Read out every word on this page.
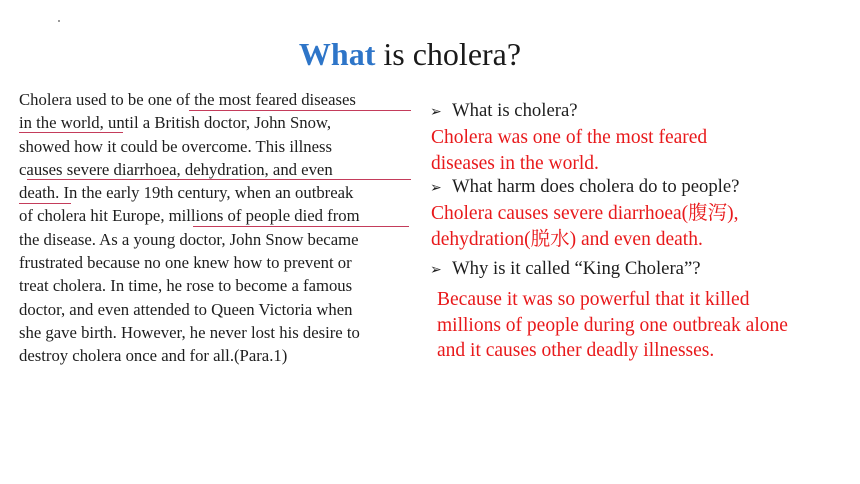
What is cholera?
Cholera used to be one of the most feared diseases
in the world, until a British doctor, John Snow,
showed how it could be overcome. This illness
causes severe diarrhoea, dehydration, and even
death. In the early 19th century, when an outbreak
of cholera hit Europe, millions of people died from
the disease. As a young doctor, John Snow became
frustrated because no one knew how to prevent or
treat cholera. In time, he rose to become a famous
doctor, and even attended to Queen Victoria when
she gave birth. However, he never lost his desire to
destroy cholera once and for all.(Para.1)
➢ What is cholera?
Cholera was one of the most feared
diseases in the world.
➢ What harm does cholera do to people?
Cholera causes severe diarrhoea(腹泻),
dehydration(脱水) and even death.
➢ Why is it called “King Cholera”?
Because it was so powerful that it killed
millions of people during one outbreak alone
and it causes other deadly illnesses.
